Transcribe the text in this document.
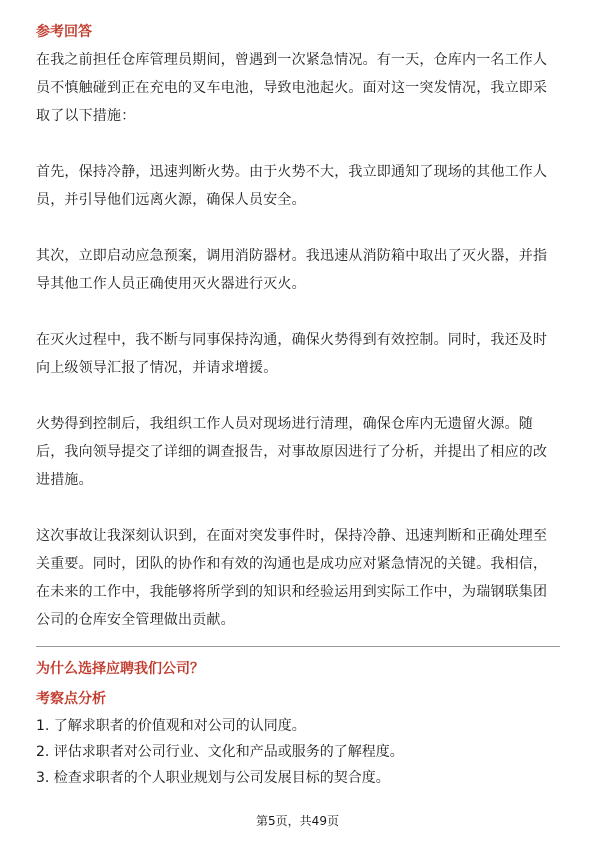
参考回答

在我之前担任仓库管理员期间，曾遇到一次紧急情况。有一天，仓库内一名工作人员不慎触碰到正在充电的叉车电池，导致电池起火。面对这一突发情况，我立即采取了以下措施：

首先，保持冷静，迅速判断火势。由于火势不大，我立即通知了现场的其他工作人员，并引导他们远离火源，确保人员安全。

其次，立即启动应急预案，调用消防器材。我迅速从消防箱中取出了灭火器，并指导其他工作人员正确使用灭火器进行灭火。

在灭火过程中，我不断与同事保持沟通，确保火势得到有效控制。同时，我还及时向上级领导汇报了情况，并请求增援。

火势得到控制后，我组织工作人员对现场进行清理，确保仓库内无遗留火源。随后，我向领导提交了详细的调查报告，对事故原因进行了分析，并提出了相应的改进措施。

这次事故让我深刻认识到，在面对突发事件时，保持冷静、迅速判断和正确处理至关重要。同时，团队的协作和有效的沟通也是成功应对紧急情况的关键。我相信，在未来的工作中，我能够将所学到的知识和经验运用到实际工作中，为瑞钢联集团公司的仓库安全管理做出贡献。

为什么选择应聘我们公司？

考察点分析

1. 了解求职者的价值观和对公司的认同度。

2. 评估求职者对公司行业、文化和产品或服务的了解程度。

3. 检查求职者的个人职业规划与公司发展目标的契合度。

第5页，共49页
